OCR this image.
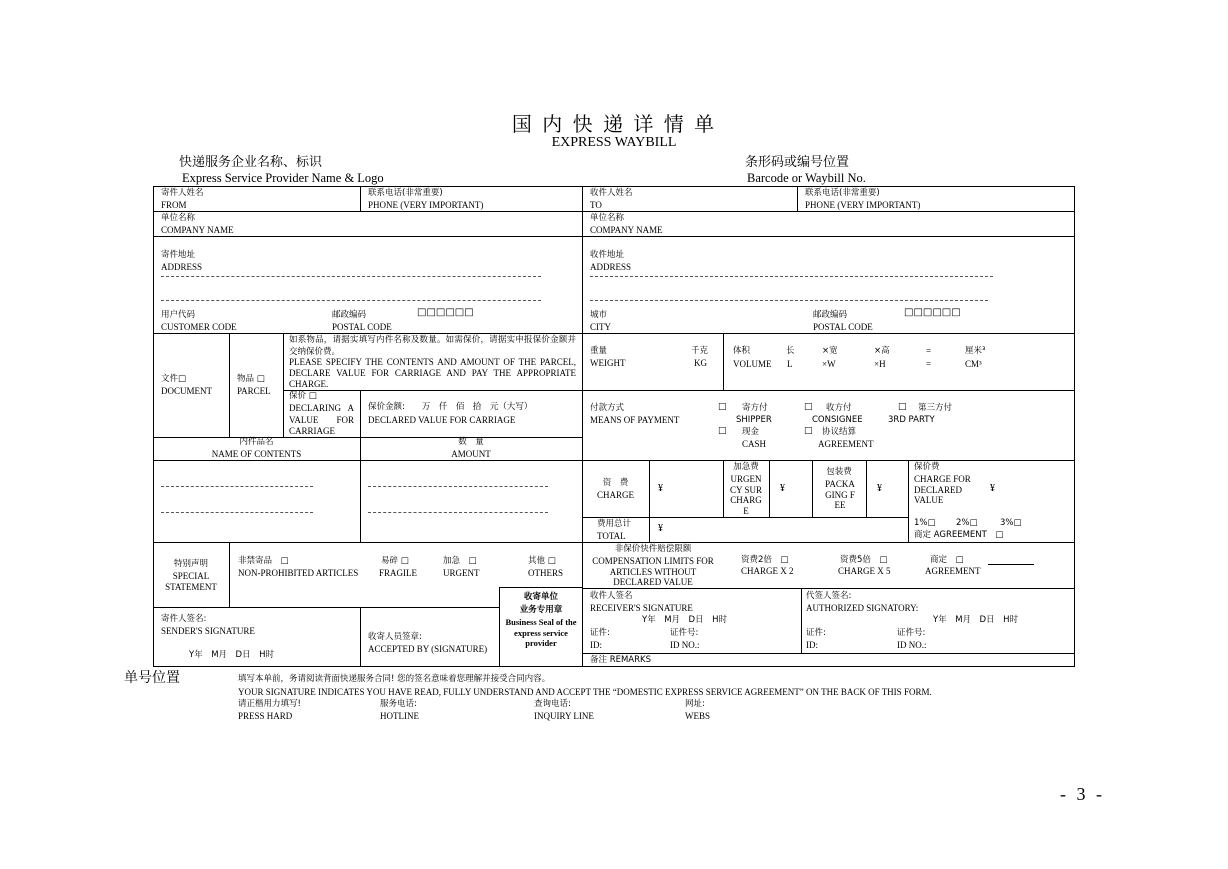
国 内 快 递 详 情 单
EXPRESS WAYBILL
快递服务企业名称、标识
Express Service Provider Name & Logo
条形码或编号位置
Barcode or Waybill No.
寄件人姓名
FROM
联系电话(非常重要)
PHONE (VERY IMPORTANT)
收件人姓名
TO
联系电话(非常重要)
PHONE (VERY IMPORTANT)
单位名称
COMPANY NAME
单位名称
COMPANY NAME
寄件地址
ADDRESS
用户代码
CUSTOMER CODE
邮政编码
POSTAL CODE
□□□□□□
收件地址
ADDRESS
城市
CITY
邮政编码
POSTAL CODE
□□□□□□
文件□
DOCUMENT
物品 □
PARCEL
如系物品，请据实填写内件名称及数量。如需保价，请据实申报保价金额并交纳保价费。
PLEASE SPECIFY THE CONTENTS AND AMOUNT OF THE PARCEL, DECLARE VALUE FOR CARRIAGE AND PAY THE APPROPRIATE CHARGE.
保价 □
DECLARING A VALUE FOR CARRIAGE
保价金额:　　万　仟　佰　拾　元（大写）
DECLARED VALUE FOR CARRIAGE
内件品名
NAME OF CONTENTS
数　量
AMOUNT
重量
WEIGHT
千克
KG
体积
VOLUME
长
L
×宽
×W
×高
×H
=
=
厘米³
CM³
付款方式
MEANS OF PAYMENT
□ 寄方付
SHIPPER
□ 收方付
CONSIGNEE
□ 第三方付
3RD PARTY
□ 现金
CASH
□ 协议结算
AGREEMENT
资　费
CHARGE
¥
加急费
URGENCY SURCHARGE
¥
包装费
PACKAGING FEE
¥
保价费
CHARGE FOR DECLARED VALUE
¥
1%□ 2%□	3%□
商定 AGREEMENT　□
费用总计
TOTAL
¥
特别声明
SPECIAL STATEMENT
非禁寄品　□
NON-PROHIBITED ARTICLES
易碎 □
FRAGILE
加急　□
URGENT
其他 □
OTHERS
非保价快件赔偿限额
COMPENSATION LIMITS FOR ARTICLES WITHOUT DECLARED VALUE
资费2倍　□
CHARGE X 2
资费5倍　□
CHARGE X 5
商定　□
AGREEMENT
寄件人签名:
SENDER'S SIGNATURE
Y年　M月　D日　H时
收寄人员签章:
ACCEPTED BY (SIGNATURE)
收寄单位
业务专用章
Business Seal of the express service provider
收件人签名
RECEIVER'S SIGNATURE
Y年　M月　D日　H时
证件:
ID:
证件号:
ID NO.:
代签人签名:
AUTHORIZED SIGNATORY:
Y年　M月　D日　H时
证件:
ID:
证件号:
ID NO.:
备注 REMARKS
单号位置	填写本单前，务请阅读背面快递服务合同! 您的签名意味着您理解并接受合同内容。
YOUR SIGNATURE INDICATES YOU HAVE READ, FULLY UNDERSTAND AND ACCEPT THE “DOMESTIC EXPRESS SERVICE AGREEMENT” ON THE BACK OF THIS FORM.
请正楷用力填写!
PRESS HARD
服务电话:
HOTLINE
查询电话:
INQUIRY LINE
网址:
WEBS
- 3 -
